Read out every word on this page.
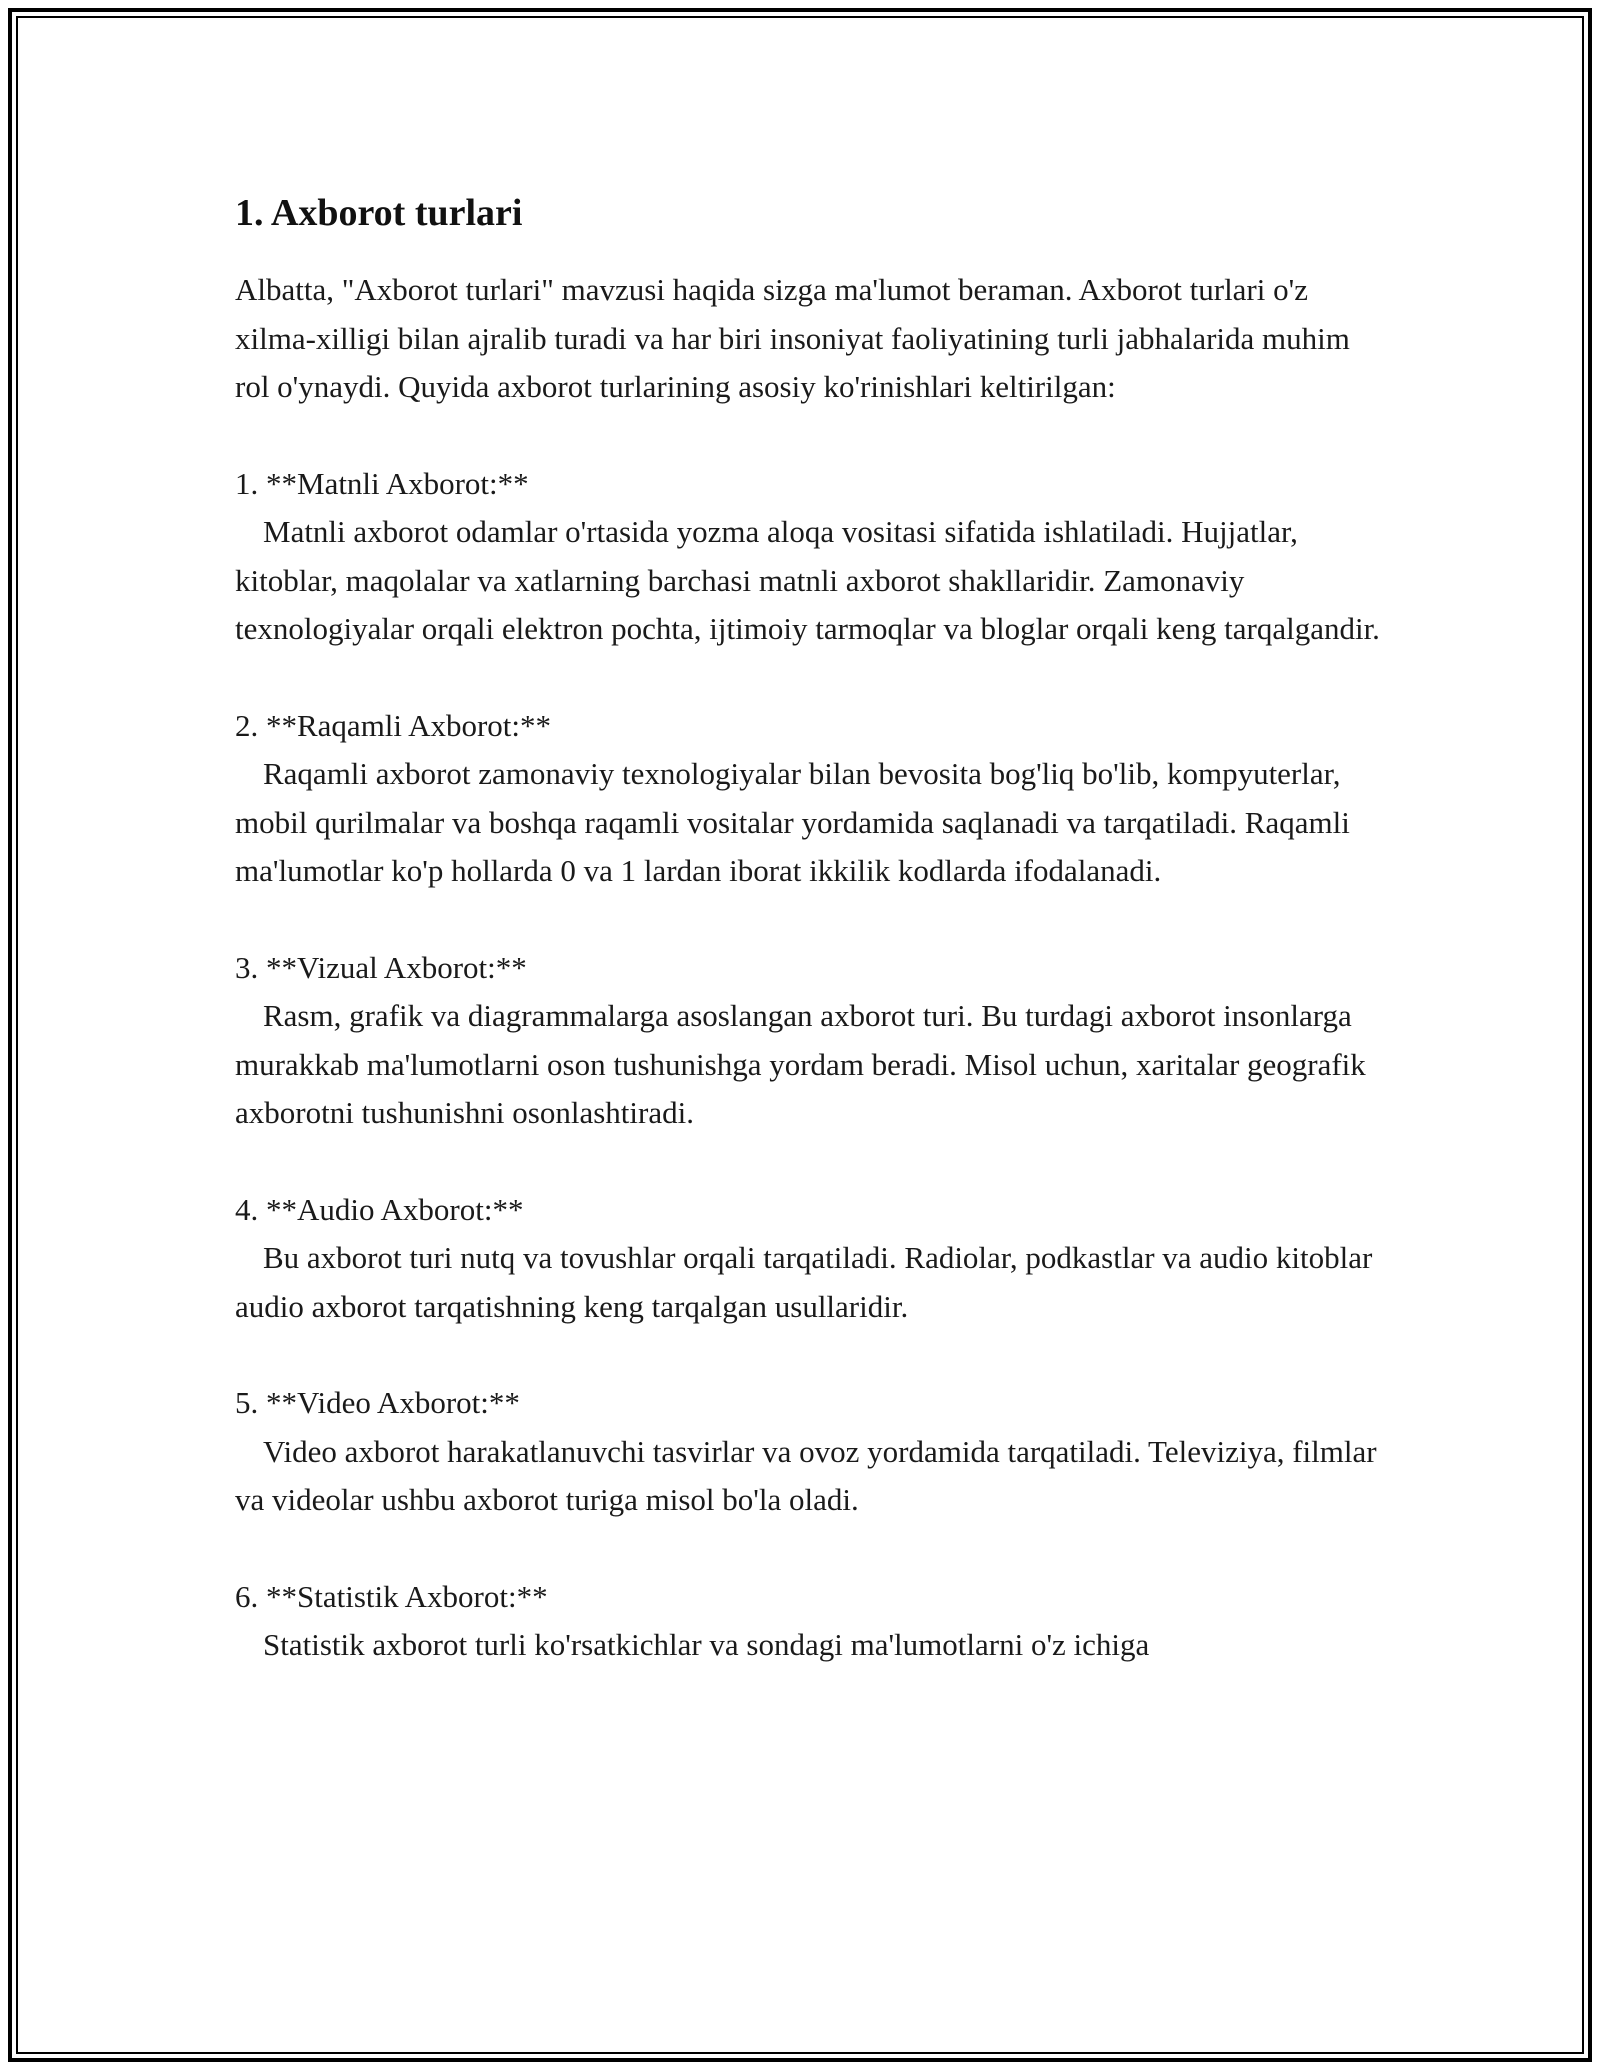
1. Axborot turlari

Albatta, "Axborot turlari" mavzusi haqida sizga ma'lumot beraman. Axborot turlari o'z xilma-xilligi bilan ajralib turadi va har biri insoniyat faoliyatining turli jabhalarida muhim rol o'ynaydi. Quyida axborot turlarining asosiy ko'rinishlari keltirilgan:

1. **Matnli Axborot:**
Matnli axborot odamlar o'rtasida yozma aloqa vositasi sifatida ishlatiladi. Hujjatlar, kitoblar, maqolalar va xatlarning barchasi matnli axborot shakllaridir. Zamonaviy texnologiyalar orqali elektron pochta, ijtimoiy tarmoqlar va bloglar orqali keng tarqalgandir.
2. **Raqamli Axborot:**
Raqamli axborot zamonaviy texnologiyalar bilan bevosita bog'liq bo'lib, kompyuterlar, mobil qurilmalar va boshqa raqamli vositalar yordamida saqlanadi va tarqatiladi. Raqamli ma'lumotlar ko'p hollarda 0 va 1 lardan iborat ikkilik kodlarda ifodalanadi.
3. **Vizual Axborot:**
Rasm, grafik va diagrammalarga asoslangan axborot turi. Bu turdagi axborot insonlarga murakkab ma'lumotlarni oson tushunishga yordam beradi. Misol uchun, xaritalar geografik axborotni tushunishni osonlashtiradi.
4. **Audio Axborot:**
Bu axborot turi nutq va tovushlar orqali tarqatiladi. Radiolar, podkastlar va audio kitoblar audio axborot tarqatishning keng tarqalgan usullaridir.
5. **Video Axborot:**
Video axborot harakatlanuvchi tasvirlar va ovoz yordamida tarqatiladi. Televiziya, filmlar va videolar ushbu axborot turiga misol bo'la oladi.
6. **Statistik Axborot:**
Statistik axborot turli ko'rsatkichlar va sondagi ma'lumotlarni o'z ichiga
